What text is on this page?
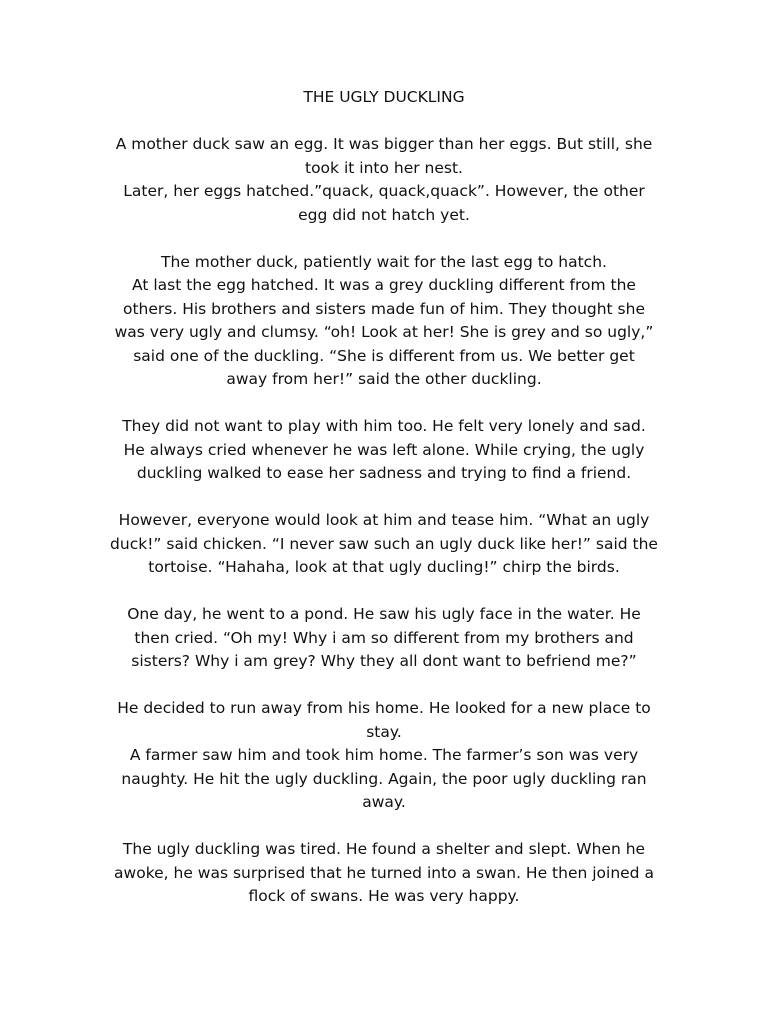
THE UGLY DUCKLING

A mother duck saw an egg. It was bigger than her eggs. But still, she
took it into her nest.
Later, her eggs hatched.”quack, quack,quack”. However, the other
egg did not hatch yet.

The mother duck, patiently wait for the last egg to hatch.
At last the egg hatched. It was a grey duckling different from the
others. His brothers and sisters made fun of him. They thought she
was very ugly and clumsy. “oh! Look at her! She is grey and so ugly,”
said one of the duckling. “She is different from us. We better get
away from her!” said the other duckling.

They did not want to play with him too. He felt very lonely and sad.
He always cried whenever he was left alone. While crying, the ugly
duckling walked to ease her sadness and trying to find a friend.

However, everyone would look at him and tease him. “What an ugly
duck!” said chicken. “I never saw such an ugly duck like her!” said the
tortoise. “Hahaha, look at that ugly ducling!” chirp the birds.

One day, he went to a pond. He saw his ugly face in the water. He
then cried. “Oh my! Why i am so different from my brothers and
sisters? Why i am grey? Why they all dont want to befriend me?”

He decided to run away from his home. He looked for a new place to
stay.
A farmer saw him and took him home. The farmer’s son was very
naughty. He hit the ugly duckling. Again, the poor ugly duckling ran
away.

The ugly duckling was tired. He found a shelter and slept. When he
awoke, he was surprised that he turned into a swan. He then joined a
flock of swans. He was very happy.
